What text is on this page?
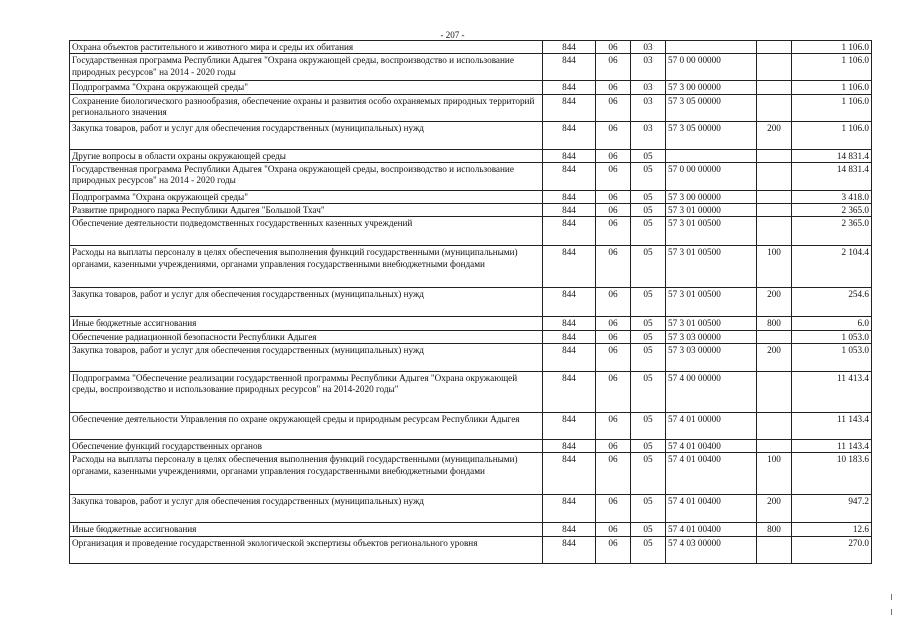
- 207 -
Охрана объектов растительного и животного мира и среды их обитания	844	06	03			1 106.0
Государственная программа Республики Адыгея "Охрана окружающей среды, воспроизводство и использование природных ресурсов" на 2014 - 2020 годы	844	06	03	57 0 00 00000		1 106.0
Подпрограмма "Охрана окружающей среды"	844	06	03	57 3 00 00000		1 106.0
Сохранение биологического разнообразия, обеспечение охраны и развития особо охраняемых природных территорий регионального значения	844	06	03	57 3 05 00000		1 106.0
Закупка товаров, работ и услуг для обеспечения государственных (муниципальных) нужд	844	06	03	57 3 05 00000	200	1 106.0
Другие вопросы в области охраны окружающей среды	844	06	05			14 831.4
Государственная программа Республики Адыгея "Охрана окружающей среды, воспроизводство и использование природных ресурсов" на 2014 - 2020 годы	844	06	05	57 0 00 00000		14 831.4
Подпрограмма "Охрана окружающей среды"	844	06	05	57 3 00 00000		3 418.0
Развитие природного парка Республики Адыгея "Большой Тхач"	844	06	05	57 3 01 00000		2 365.0
Обеспечение деятельности подведомственных государственных казенных учреждений	844	06	05	57 3 01 00500		2 365.0
Расходы на выплаты персоналу в целях обеспечения выполнения функций государственными (муниципальными) органами, казенными учреждениями, органами управления государственными внебюджетными фондами	844	06	05	57 3 01 00500	100	2 104.4
Закупка товаров, работ и услуг для обеспечения государственных (муниципальных) нужд	844	06	05	57 3 01 00500	200	254.6
Иные бюджетные ассигнования	844	06	05	57 3 01 00500	800	6.0
Обеспечение радиационной безопасности Республики Адыгея	844	06	05	57 3 03 00000		1 053.0
Закупка товаров, работ и услуг для обеспечения государственных (муниципальных) нужд	844	06	05	57 3 03 00000	200	1 053.0
Подпрограмма "Обеспечение реализации государственной программы Республики Адыгея "Охрана окружающей среды, воспроизводство и использование природных ресурсов" на 2014-2020 годы"	844	06	05	57 4 00 00000		11 413.4
Обеспечение деятельности Управления по охране окружающей среды и природным ресурсам Республики Адыгея	844	06	05	57 4 01 00000		11 143.4
Обеспечение функций государственных органов	844	06	05	57 4 01 00400		11 143.4
Расходы на выплаты персоналу в целях обеспечения выполнения функций государственными (муниципальными) органами, казенными учреждениями, органами управления государственными внебюджетными фондами	844	06	05	57 4 01 00400	100	10 183.6
Закупка товаров, работ и услуг для обеспечения государственных (муниципальных) нужд	844	06	05	57 4 01 00400	200	947.2
Иные бюджетные ассигнования	844	06	05	57 4 01 00400	800	12.6
Организация и проведение государственной экологической экспертизы объектов регионального уровня	844	06	05	57 4 03 00000		270.0
